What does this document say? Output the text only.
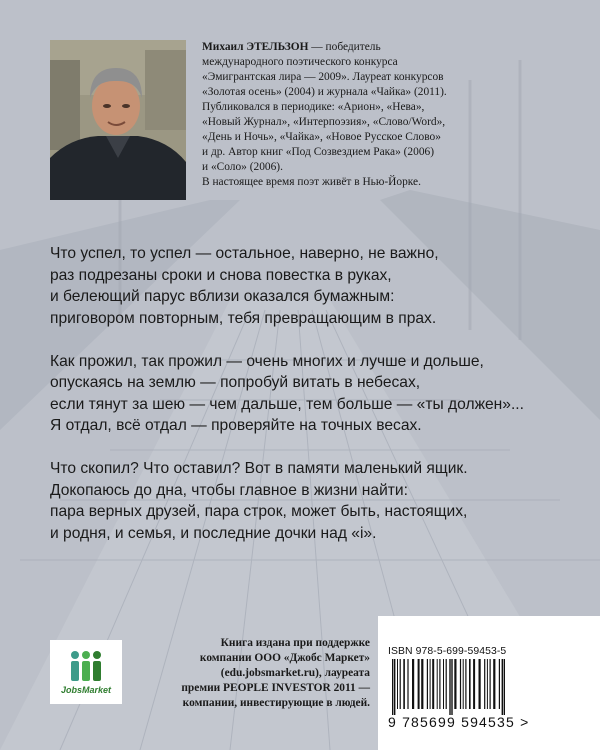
Михаил ЭТЕЛЬЗОН — победитель

международного поэтического конкурса

«Эмигрантская лира — 2009». Лауреат конкурсов

«Золотая осень» (2004) и журнала «Чайка» (2011).

Публиковался в периодике: «Арион», «Нева»,

«Новый Журнал», «Интерпоэзия», «Слово/Word»,

«День и Ночь», «Чайка», «Новое Русское Слово»

и др. Автор книг «Под Созвездием Рака» (2006)

и «Соло» (2006).

В настоящее время поэт живёт в Нью-Йорке.

Что успел, то успел — остальное, наверно, не важно,
раз подрезаны сроки и снова повестка в руках,
и белеющий парус вблизи оказался бумажным:
приговором повторным, тебя превращающим в прах.
Как прожил, так прожил — очень многих и лучше и дольше,
опускаясь на землю — попробуй витать в небесах,
если тянут за шею — чем дальше, тем больше — «ты должен»...
Я отдал, всё отдал — проверяйте на точных весах.
Что скопил? Что оставил? Вот в памяти маленький ящик.
Докопаюсь до дна, чтобы главное в жизни найти:
пара верных друзей, пара строк, может быть, настоящих,
и родня, и семья, и последние дочки над «i».
JobsMarket
Книга издана при поддержке
компании ООО «Джобс Маркет»
(edu.jobsmarket.ru), лауреата
премии PEOPLE INVESTOR 2011 —
компании, инвестирующие в людей.
ISBN 978-5-699-59453-5
9 785699 594535 >
